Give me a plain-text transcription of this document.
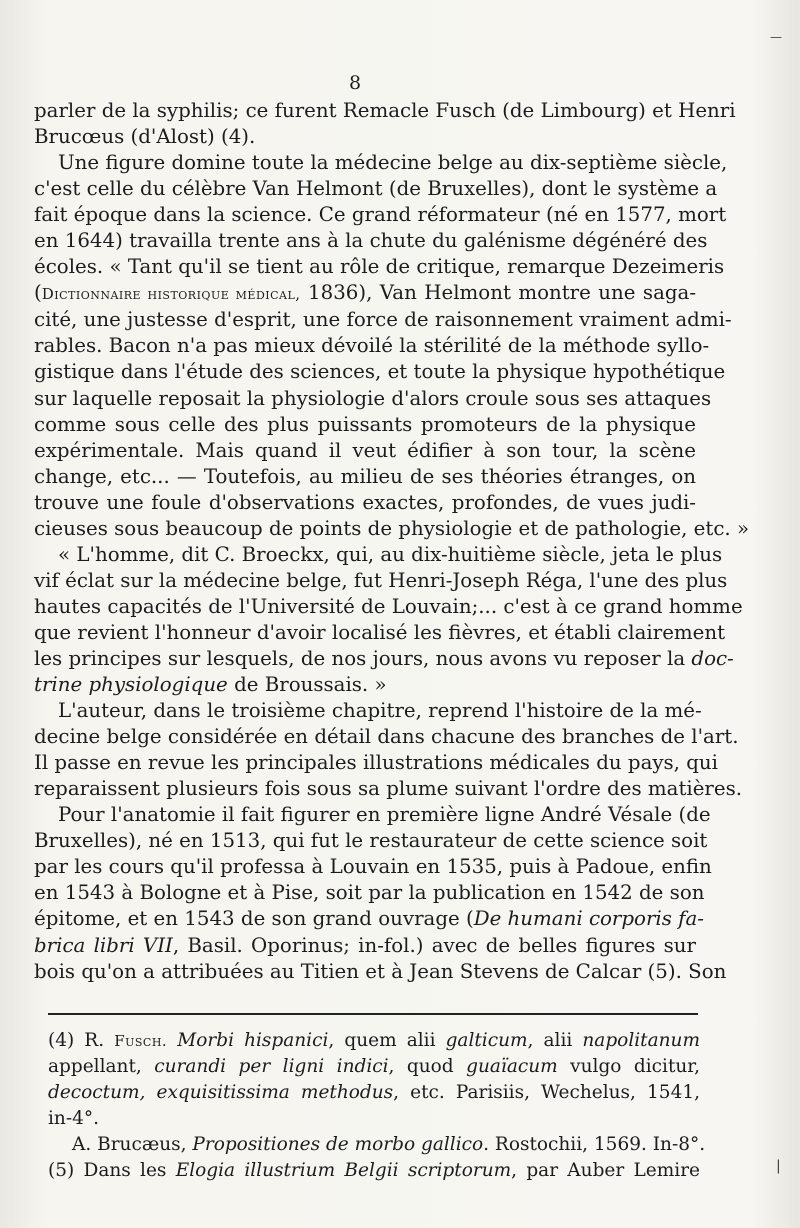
8
parler de la syphilis; ce furent Remacle Fusch (de Limbourg) et Henri
Brucœus (d'Alost) (4).
Une figure domine toute la médecine belge au dix-septième siècle,
c'est celle du célèbre Van Helmont (de Bruxelles), dont le système a
fait époque dans la science. Ce grand réformateur (né en 1577, mort
en 1644) travailla trente ans à la chute du galénisme dégénéré des
écoles. « Tant qu'il se tient au rôle de critique, remarque Dezeimeris
(Dictionnaire historique médical, 1836), Van Helmont montre une saga-
cité, une justesse d'esprit, une force de raisonnement vraiment admi-
rables. Bacon n'a pas mieux dévoilé la stérilité de la méthode syllo-
gistique dans l'étude des sciences, et toute la physique hypothétique
sur laquelle reposait la physiologie d'alors croule sous ses attaques
comme sous celle des plus puissants promoteurs de la physique
expérimentale. Mais quand il veut édifier à son tour, la scène
change, etc... — Toutefois, au milieu de ses théories étranges, on
trouve une foule d'observations exactes, profondes, de vues judi-
cieuses sous beaucoup de points de physiologie et de pathologie, etc. »
« L'homme, dit C. Broeckx, qui, au dix-huitième siècle, jeta le plus
vif éclat sur la médecine belge, fut Henri-Joseph Réga, l'une des plus
hautes capacités de l'Université de Louvain;... c'est à ce grand homme
que revient l'honneur d'avoir localisé les fièvres, et établi clairement
les principes sur lesquels, de nos jours, nous avons vu reposer la doc-
trine physiologique de Broussais. »
L'auteur, dans le troisième chapitre, reprend l'histoire de la mé-
decine belge considérée en détail dans chacune des branches de l'art.
Il passe en revue les principales illustrations médicales du pays, qui
reparaissent plusieurs fois sous sa plume suivant l'ordre des matières.
Pour l'anatomie il fait figurer en première ligne André Vésale (de
Bruxelles), né en 1513, qui fut le restaurateur de cette science soit
par les cours qu'il professa à Louvain en 1535, puis à Padoue, enfin
en 1543 à Bologne et à Pise, soit par la publication en 1542 de son
épitome, et en 1543 de son grand ouvrage (De humani corporis fa-
brica libri VII, Basil. Oporinus; in-fol.) avec de belles figures sur
bois qu'on a attribuées au Titien et à Jean Stevens de Calcar (5). Son
(4) R. Fusch. Morbi hispanici, quem alii galticum, alii napolitanum
appellant, curandi per ligni indici, quod guaïacum vulgo dicitur,
decoctum, exquisitissima methodus, etc. Parisiis, Wechelus, 1541,
in-4°.
A. Brucæus, Propositiones de morbo gallico. Rostochii, 1569. In-8°.
(5) Dans les Elogia illustrium Belgii scriptorum, par Auber Lemire	|
—
